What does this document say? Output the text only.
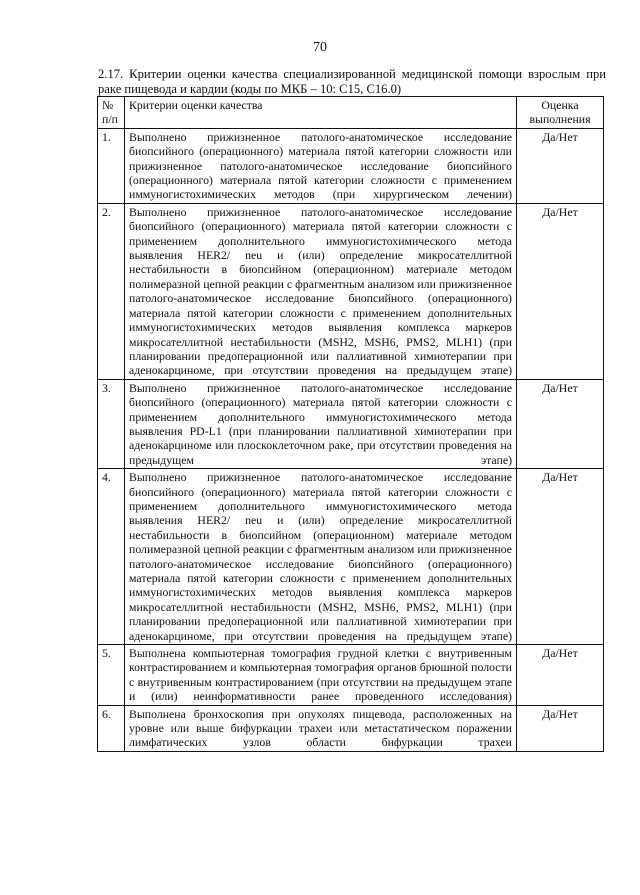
70
2.17. Критерии оценки качества специализированной медицинской помощи взрослым при раке пищевода и кардии (коды по МКБ – 10: С15, С16.0)
№ п/п	Критерии оценки качества	Оценка выполнения
1.	Выполнено прижизненное патолого-анатомическое исследование биопсийного (операционного) материала пятой категории сложности или прижизненное патолого-анатомическое исследование биопсийного (операционного) материала пятой категории сложности с применением иммуногистохимических методов (при хирургическом лечении)	Да/Нет
2.	Выполнено прижизненное патолого-анатомическое исследование биопсийного (операционного) материала пятой категории сложности с применением дополнительного иммуногистохимического метода выявления HER2/ neu и (или) определение микросателлитной нестабильности в биопсийном (операционном) материале методом полимеразной цепной реакции с фрагментным анализом или прижизненное патолого-анатомическое исследование биопсийного (операционного) материала пятой категории сложности с применением дополнительных иммуногистохимических методов выявления комплекса маркеров микросателлитной нестабильности (MSH2, MSH6, PMS2, MLH1) (при планировании предоперационной или паллиативной химиотерапии при аденокарциноме, при отсутствии проведения на предыдущем этапе)	Да/Нет
3.	Выполнено прижизненное патолого-анатомическое исследование биопсийного (операционного) материала пятой категории сложности с применением дополнительного иммуногистохимического метода выявления PD-L1 (при планировании паллиативной химиотерапии при аденокарциноме или плоскоклеточном раке, при отсутствии проведения на предыдущем этапе)	Да/Нет
4.	Выполнено прижизненное патолого-анатомическое исследование биопсийного (операционного) материала пятой категории сложности с применением дополнительного иммуногистохимического метода выявления HER2/ neu и (или) определение микросателлитной нестабильности в биопсийном (операционном) материале методом полимеразной цепной реакции с фрагментным анализом или прижизненное патолого-анатомическое исследование биопсийного (операционного) материала пятой категории сложности с применением дополнительных иммуногистохимических методов выявления комплекса маркеров микросателлитной нестабильности (MSH2, MSH6, PMS2, MLH1) (при планировании предоперационной или паллиативной химиотерапии при аденокарциноме, при отсутствии проведения на предыдущем этапе)	Да/Нет
5.	Выполнена компьютерная томография грудной клетки с внутривенным контрастированием и компьютерная томография органов брюшной полости с внутривенным контрастированием (при отсутствии на предыдущем этапе и (или) неинформативности ранее проведенного исследования)	Да/Нет
6.	Выполнена бронхоскопия при опухолях пищевода, расположенных на уровне или выше бифуркации трахеи или метастатическом поражении лимфатических узлов области бифуркации трахеи	Да/Нет
